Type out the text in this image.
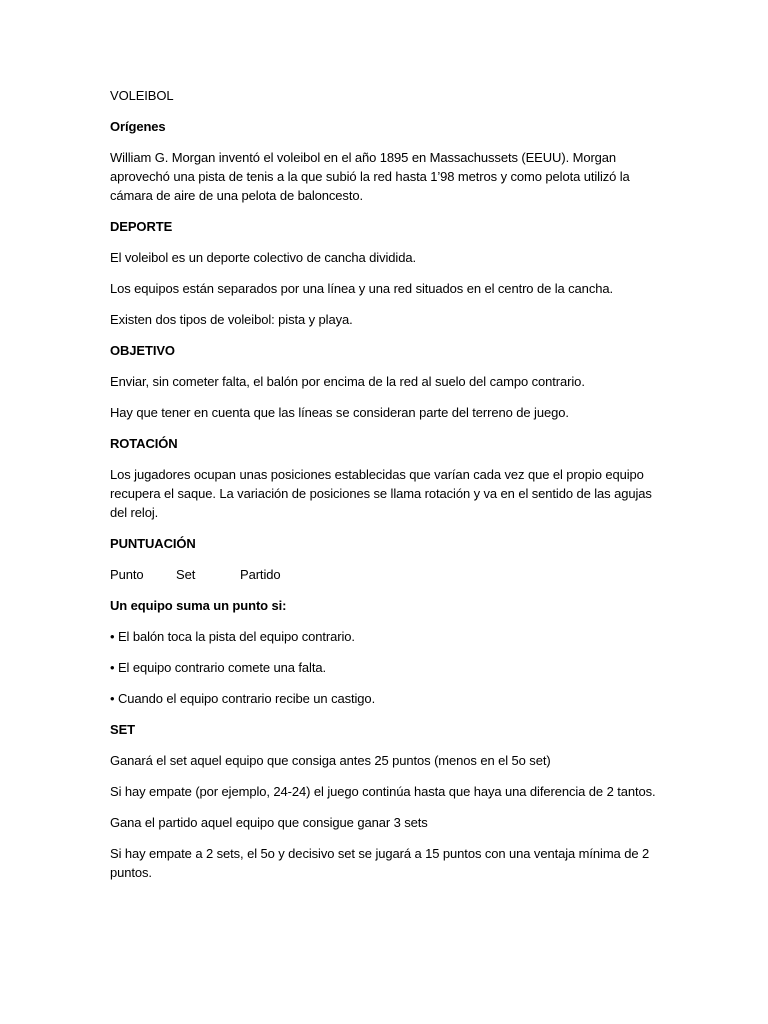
VOLEIBOL

Orígenes

William G. Morgan inventó el voleibol en el año 1895 en Massachussets (EEUU). Morgan aprovechó una pista de tenis a la que subió la red hasta 1’98 metros y como pelota utilizó la cámara de aire de una pelota de baloncesto.

DEPORTE

El voleibol es un deporte colectivo de cancha dividida.

Los equipos están separados por una línea y una red situados en el centro de la cancha.

Existen dos tipos de voleibol: pista y playa.

OBJETIVO

Enviar, sin cometer falta, el balón por encima de la red al suelo del campo contrario.

Hay que tener en cuenta que las líneas se consideran parte del terreno de juego.

ROTACIÓN

Los jugadores ocupan unas posiciones establecidas que varían cada vez que el propio equipo recupera el saque. La variación de posiciones se llama rotación y va en el sentido de las agujas del reloj.

PUNTUACIÓN

Punto	Set	Partido

Un equipo suma un punto si:

• El balón toca la pista del equipo contrario.
• El equipo contrario comete una falta.
• Cuando el equipo contrario recibe un castigo.

SET

Ganará el set aquel equipo que consiga antes 25 puntos (menos en el 5o set)

Si hay empate (por ejemplo, 24-24) el juego continúa hasta que haya una diferencia de 2 tantos.

Gana el partido aquel equipo que consigue ganar 3 sets

Si hay empate a 2 sets, el 5o y decisivo set se jugará a 15 puntos con una ventaja mínima de 2 puntos.
